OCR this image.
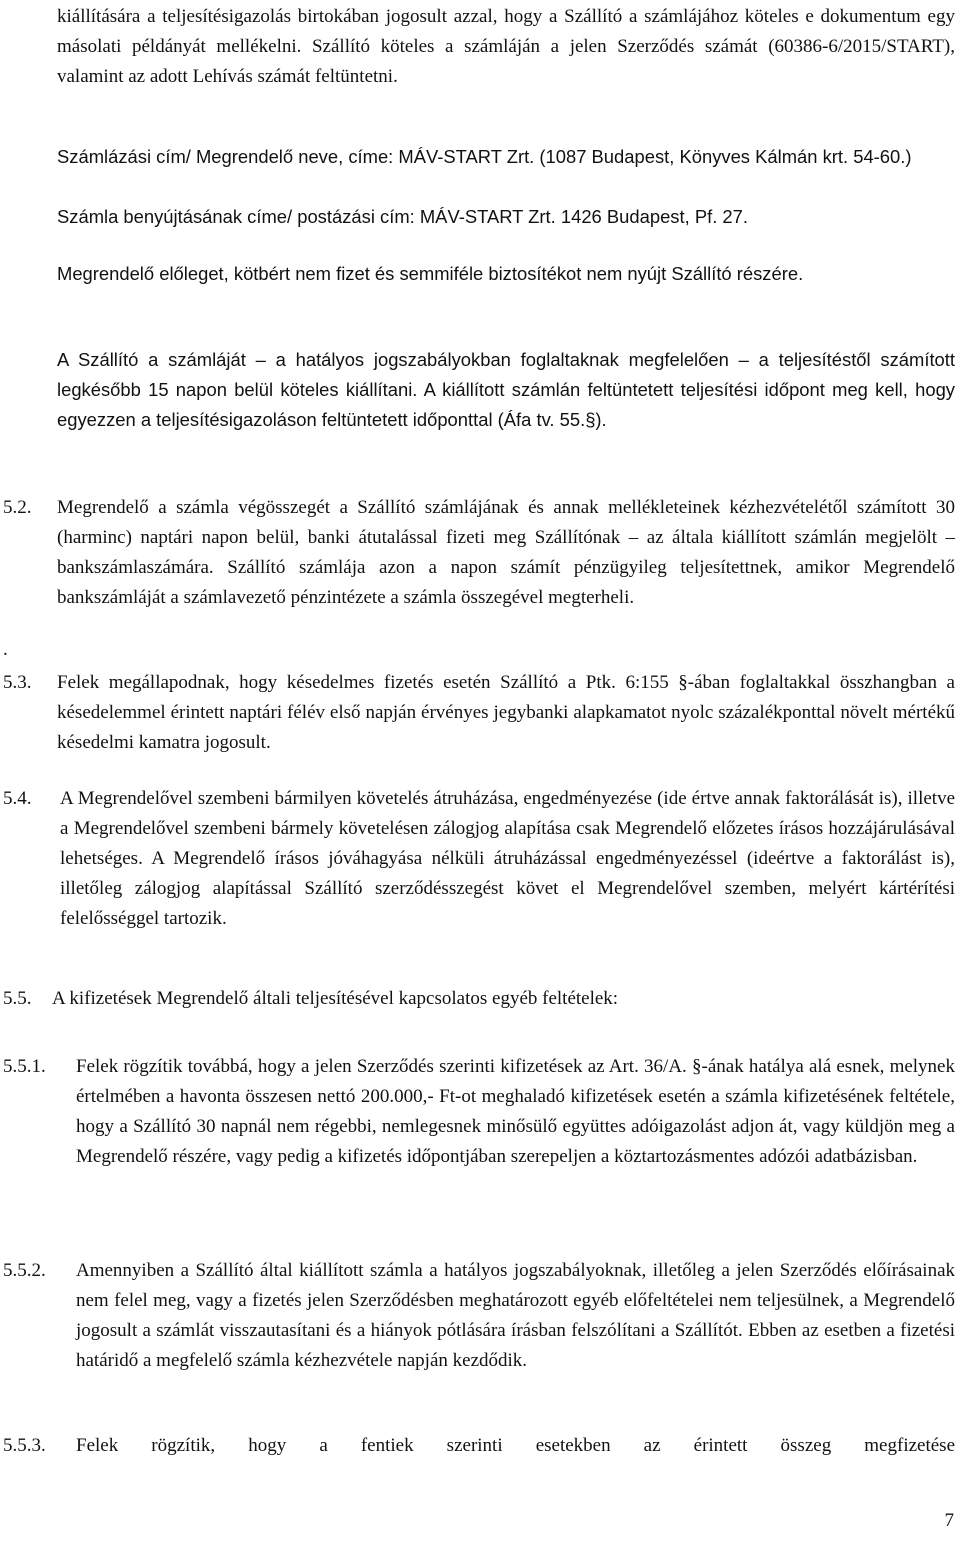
kiállítására a teljesítésigazolás birtokában jogosult azzal, hogy a Szállító a számlájához köteles e dokumentum egy másolati példányát mellékelni. Szállító köteles a számláján a jelen Szerződés számát (60386-6/2015/START), valamint az adott Lehívás számát feltüntetni.

Számlázási cím/ Megrendelő neve, címe: MÁV-START Zrt. (1087 Budapest, Könyves Kálmán krt. 54-60.)

Számla benyújtásának címe/ postázási cím: MÁV-START Zrt. 1426 Budapest, Pf. 27.

Megrendelő előleget, kötbért nem fizet és semmiféle biztosítékot nem nyújt Szállító részére.

A Szállító a számláját – a hatályos jogszabályokban foglaltaknak megfelelően – a teljesítéstől számított legkésőbb 15 napon belül köteles kiállítani. A kiállított számlán feltüntetett teljesítési időpont meg kell, hogy egyezzen a teljesítésigazoláson feltüntetett időponttal (Áfa tv. 55.§).

5.2. Megrendelő a számla végösszegét a Szállító számlájának és annak mellékleteinek kézhezvételétől számított 30 (harminc) naptári napon belül, banki átutalással fizeti meg Szállítónak – az általa kiállított számlán megjelölt – bankszámlaszámára. Szállító számlája azon a napon számít pénzügyileg teljesítettnek, amikor Megrendelő bankszámláját a számlavezető pénzintézete a számla összegével megterheli.

.
5.3. Felek megállapodnak, hogy késedelmes fizetés esetén Szállító a Ptk. 6:155 §-ában foglaltakkal összhangban a késedelemmel érintett naptári félév első napján érvényes jegybanki alapkamatot nyolc százalékponttal növelt mértékű késedelmi kamatra jogosult.

5.4. A Megrendelővel szembeni bármilyen követelés átruházása, engedményezése (ide értve annak faktorálását is), illetve a Megrendelővel szembeni bármely követelésen zálogjog alapítása csak Megrendelő előzetes írásos hozzájárulásával lehetséges. A Megrendelő írásos jóváhagyása nélküli átruházással engedményezéssel (ideértve a faktorálást is), illetőleg zálogjog alapítással Szállító szerződésszegést követ el Megrendelővel szemben, melyért kártérítési felelősséggel tartozik.

5.5. A kifizetések Megrendelő általi teljesítésével kapcsolatos egyéb feltételek:

5.5.1. Felek rögzítik továbbá, hogy a jelen Szerződés szerinti kifizetések az Art. 36/A. §-ának hatálya alá esnek, melynek értelmében a havonta összesen nettó 200.000,- Ft-ot meghaladó kifizetések esetén a számla kifizetésének feltétele, hogy a Szállító 30 napnál nem régebbi, nemlegesnek minősülő együttes adóigazolást adjon át, vagy küldjön meg a Megrendelő részére, vagy pedig a kifizetés időpontjában szerepeljen a köztartozásmentes adózói adatbázisban.

5.5.2. Amennyiben a Szállító által kiállított számla a hatályos jogszabályoknak, illetőleg a jelen Szerződés előírásainak nem felel meg, vagy a fizetés jelen Szerződésben meghatározott egyéb előfeltételei nem teljesülnek, a Megrendelő jogosult a számlát visszautasítani és a hiányok pótlására írásban felszólítani a Szállítót. Ebben az esetben a fizetési határidő a megfelelő számla kézhezvétele napján kezdődik.

5.5.3. Felek rögzítik, hogy a fentiek szerinti esetekben az érintett összeg megfizetése

7
